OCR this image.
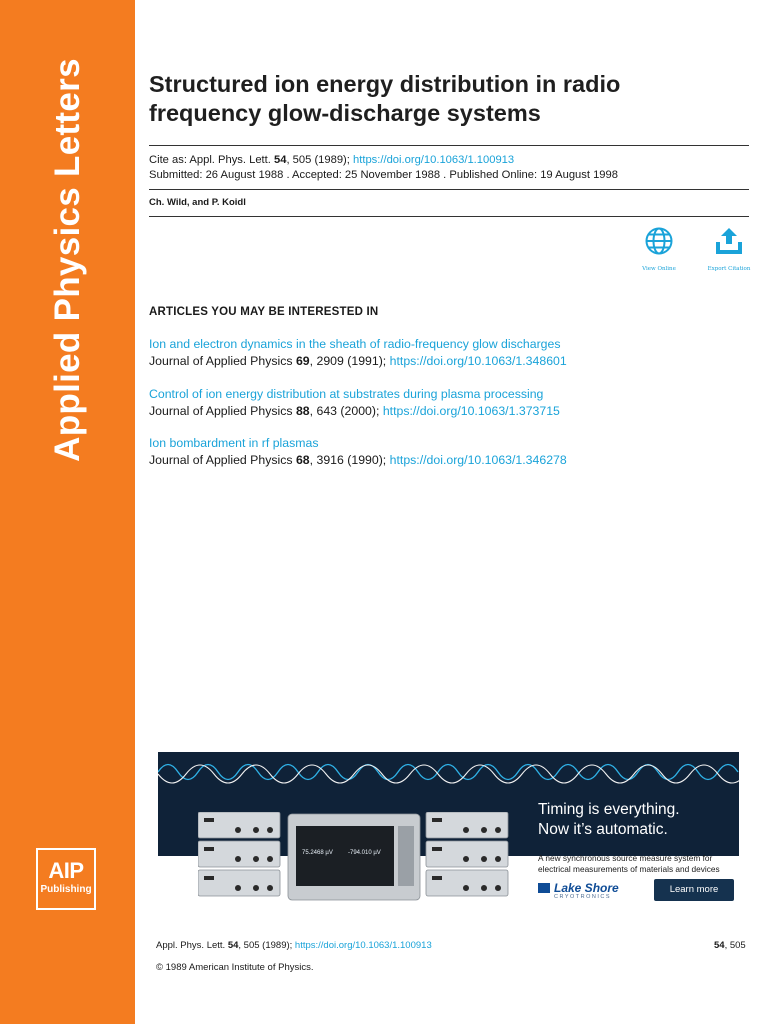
Applied Physics Letters
AIP
Publishing
Structured ion energy distribution in radio frequency glow-discharge systems
Cite as: Appl. Phys. Lett. 54, 505 (1989); https://doi.org/10.1063/1.100913
Submitted: 26 August 1988 . Accepted: 25 November 1988 . Published Online: 19 August 1998
Ch. Wild, and P. Koidl
View Online	Export Citation
ARTICLES YOU MAY BE INTERESTED IN
Ion and electron dynamics in the sheath of radio-frequency glow discharges
Journal of Applied Physics 69, 2909 (1991); https://doi.org/10.1063/1.348601
Control of ion energy distribution at substrates during plasma processing
Journal of Applied Physics 88, 643 (2000); https://doi.org/10.1063/1.373715
Ion bombardment in rf plasmas
Journal of Applied Physics 68, 3916 (1990); https://doi.org/10.1063/1.346278
75.2468 µV	-794.010 µV
Timing is everything.
Now it’s automatic.
A new synchronous source measure system for
electrical measurements of materials and devices
Lake Shore
CRYOTRONICS
Learn more
Appl. Phys. Lett. 54, 505 (1989); https://doi.org/10.1063/1.100913	54, 505
© 1989 American Institute of Physics.
